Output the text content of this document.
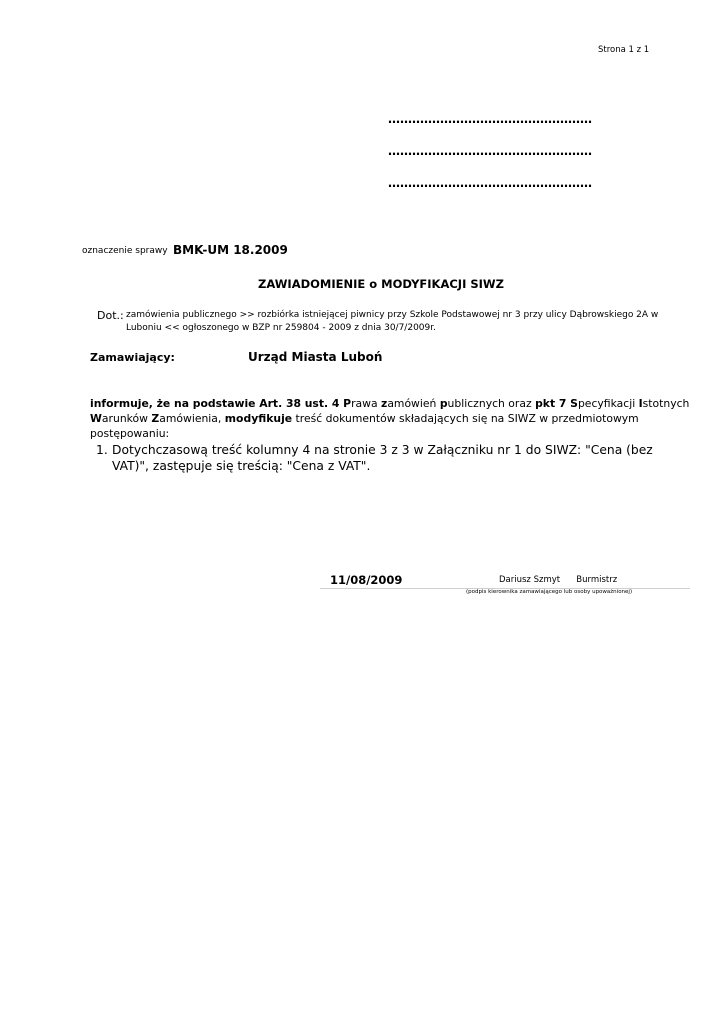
Strona 1 z 1
……………………………………………
……………………………………………
……………………………………………
oznaczenie sprawy BMK-UM 18.2009
ZAWIADOMIENIE o MODYFIKACJI SIWZ
Dot.: zamówienia publicznego >> rozbiórka istniejącej piwnicy przy Szkole Podstawowej nr 3 przy ulicy Dąbrowskiego 2A w Luboniu << ogłoszonego w BZP nr 259804 - 2009 z dnia 30/7/2009r.
Zamawiający:	Urząd Miasta Luboń
informuje, że na podstawie Art. 38 ust. 4 Prawa zamówień publicznych oraz pkt 7 Specyfikacji Istotnych Warunków Zamówienia, modyfikuje treść dokumentów składających się na SIWZ w przedmiotowym postępowaniu:
1. Dotychczasową treść kolumny 4 na stronie 3 z 3 w Załączniku nr 1 do SIWZ: "Cena (bez VAT)", zastępuje się treścią: "Cena z VAT".
11/08/2009	Dariusz Szmyt      Burmistrz
(podpis kierownika zamawiającego lub osoby upoważnionej)
